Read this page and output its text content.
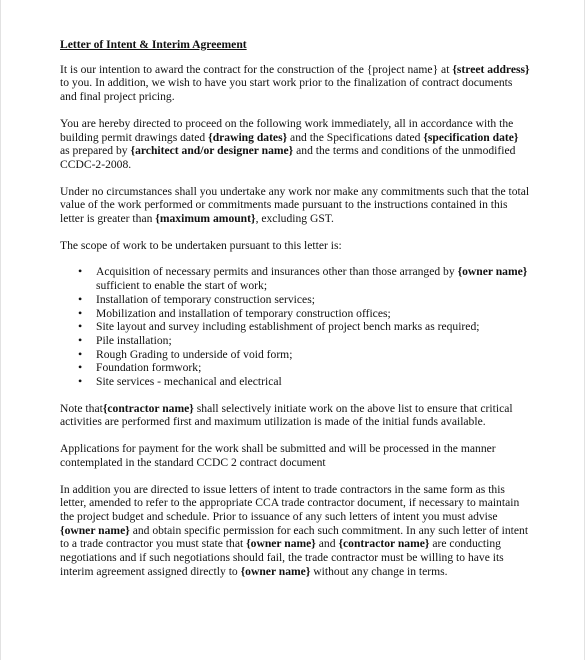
Letter of Intent & Interim Agreement

It is our intention to award the contract for the construction of the {project name} at {street address} to you. In addition, we wish to have you start work prior to the finalization of contract documents and final project pricing.

You are hereby directed to proceed on the following work immediately, all in accordance with the building permit drawings dated {drawing dates} and the Specifications dated {specification date} as prepared by {architect and/or designer name} and the terms and conditions of the unmodified CCDC-2-2008.

Under no circumstances shall you undertake any work nor make any commitments such that the total value of the work performed or commitments made pursuant to the instructions contained in this letter is greater than {maximum amount}, excluding GST.

The scope of work to be undertaken pursuant to this letter is:

• Acquisition of necessary permits and insurances other than those arranged by {owner name} sufficient to enable the start of work;
• Installation of temporary construction services;
• Mobilization and installation of temporary construction offices;
• Site layout and survey including establishment of project bench marks as required;
• Pile installation;
• Rough Grading to underside of void form;
• Foundation formwork;
• Site services - mechanical and electrical

Note that{contractor name} shall selectively initiate work on the above list to ensure that critical activities are performed first and maximum utilization is made of the initial funds available.

Applications for payment for the work shall be submitted and will be processed in the manner contemplated in the standard CCDC 2 contract document

In addition you are directed to issue letters of intent to trade contractors in the same form as this letter, amended to refer to the appropriate CCA trade contractor document, if necessary to maintain the project budget and schedule. Prior to issuance of any such letters of intent you must advise {owner name} and obtain specific permission for each such commitment. In any such letter of intent to a trade contractor you must state that {owner name} and {contractor name} are conducting negotiations and if such negotiations should fail, the trade contractor must be willing to have its interim agreement assigned directly to {owner name} without any change in terms.
